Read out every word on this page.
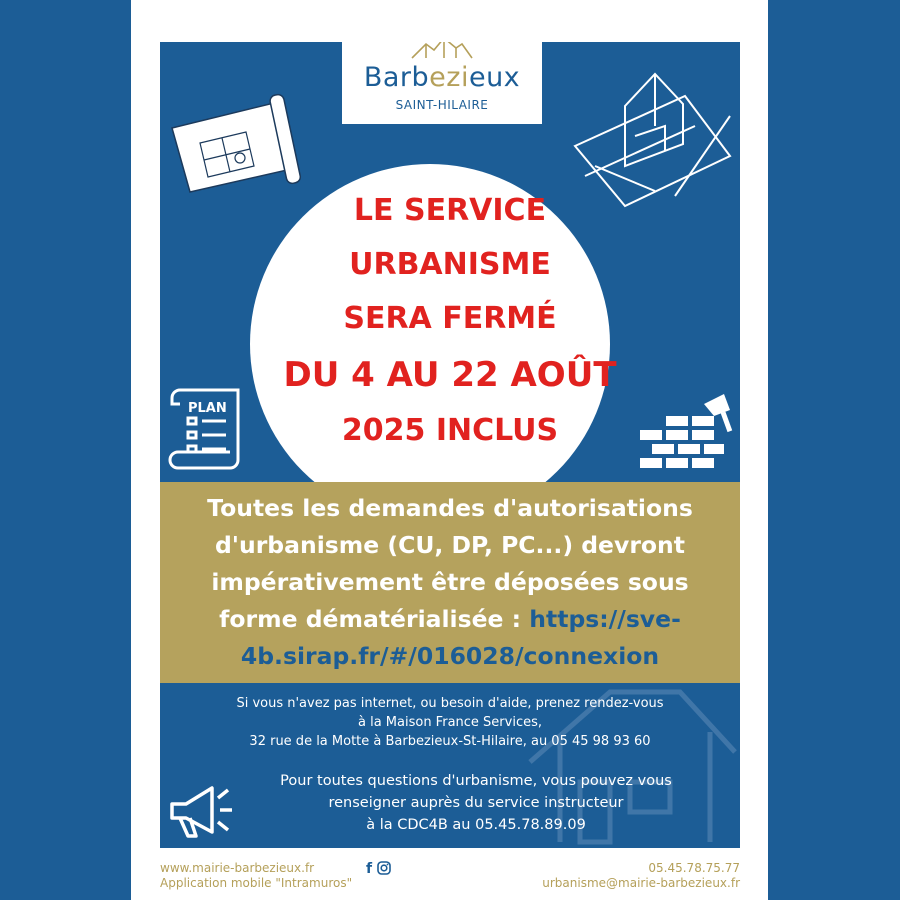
Barbezieux
SAINT-HILAIRE
LE SERVICE
URBANISME
SERA FERMÉ
DU 4 AU 22 AOÛT
2025 INCLUS
PLAN
Toutes les demandes d'autorisations d'urbanisme (CU, DP, PC...) devront impérativement être déposées sous forme dématérialisée : https://sve-4b.sirap.fr/#/016028/connexion
Si vous n'avez pas internet, ou besoin d'aide, prenez rendez-vous
à la Maison France Services,
32 rue de la Motte à Barbezieux-St-Hilaire, au 05 45 98 93 60
Pour toutes questions d'urbanisme, vous pouvez vous
renseigner auprès du service instructeur
à la CDC4B au 05.45.78.89.09
www.mairie-barbezieux.fr
Application mobile "Intramuros"
f	05.45.78.75.77
urbanisme@mairie-barbezieux.fr
